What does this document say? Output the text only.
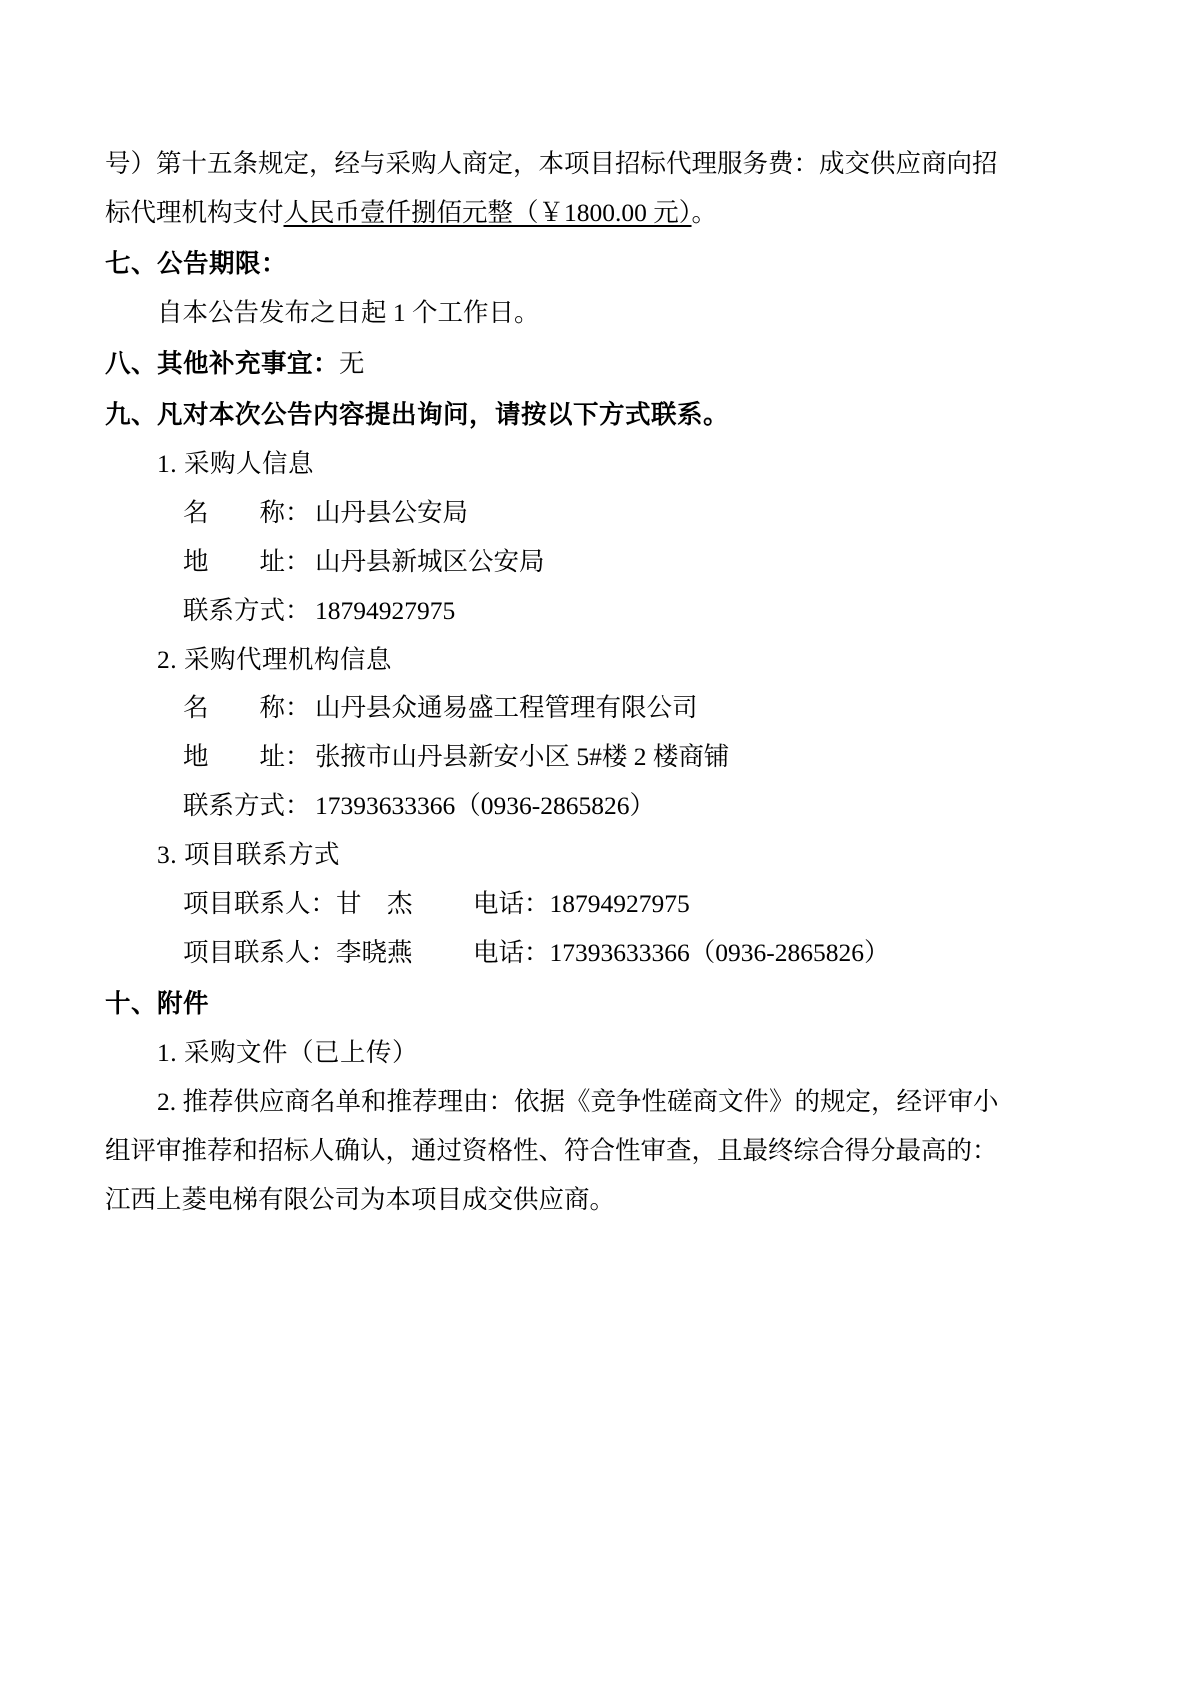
号）第十五条规定，经与采购人商定，本项目招标代理服务费：成交供应商向招

标代理机构支付人民币壹仟捌佰元整（￥1800.00 元）。

七、公告期限：

自本公告发布之日起 1 个工作日。

八、其他补充事宜：无

九、凡对本次公告内容提出询问，请按以下方式联系。

1. 采购人信息

名　　称： 山丹县公安局

地　　址： 山丹县新城区公安局

联系方式： 18794927975

2. 采购代理机构信息

名　　称： 山丹县众通易盛工程管理有限公司

地　　址： 张掖市山丹县新安小区 5#楼 2 楼商铺

联系方式： 17393633366（0936-2865826）

3. 项目联系方式

项目联系人：甘　杰	电话：18794927975

项目联系人：李晓燕	电话：17393633366（0936-2865826）

十、附件

1. 采购文件（已上传）

2. 推荐供应商名单和推荐理由：依据《竞争性磋商文件》的规定，经评审小

组评审推荐和招标人确认，通过资格性、符合性审查，且最终综合得分最高的：

江西上菱电梯有限公司为本项目成交供应商。
